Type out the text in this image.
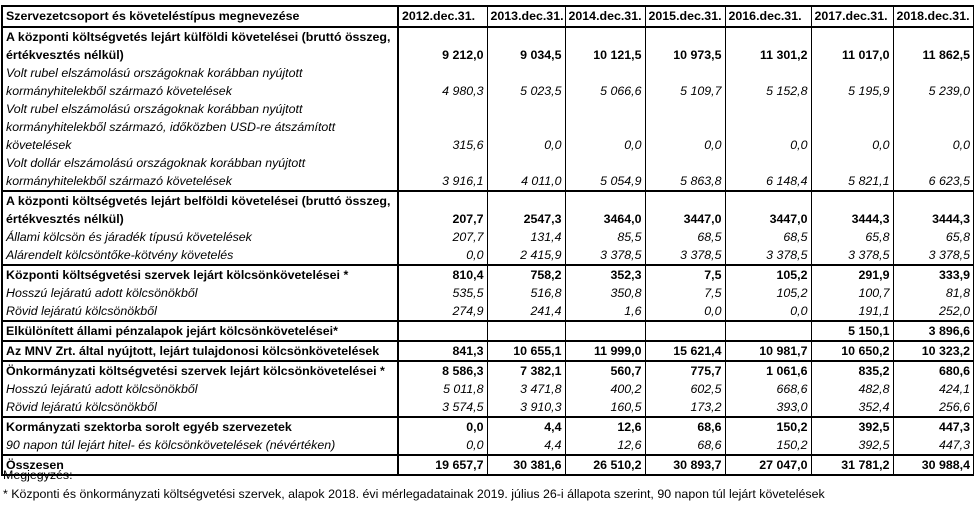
Szervezetcsoport és követeléstípus megnevezése	2012.dec.31.	2013.dec.31.	2014.dec.31.	2015.dec.31.	2016.dec.31.	2017.dec.31.	2018.dec.31.
A központi költségvetés lejárt külföldi követelései (bruttó összeg, értékvesztés nélkül)	9 212,0	9 034,5	10 121,5	10 973,5	11 301,2	11 017,0	11 862,5
Volt rubel elszámolású országoknak korábban nyújtott kormányhitelekből származó követelések	4 980,3	5 023,5	5 066,6	5 109,7	5 152,8	5 195,9	5 239,0
Volt rubel elszámolású országoknak korábban nyújtott kormányhitelekből származó, időközben USD-re átszámított követelések	315,6	0,0	0,0	0,0	0,0	0,0	0,0
Volt dollár elszámolású országoknak korábban nyújtott kormányhitelekből származó követelések	3 916,1	4 011,0	5 054,9	5 863,8	6 148,4	5 821,1	6 623,5
A központi költségvetés lejárt belföldi követelései (bruttó összeg, értékvesztés nélkül)	207,7	2547,3	3464,0	3447,0	3447,0	3444,3	3444,3
Állami kölcsön és járadék típusú követelések	207,7	131,4	85,5	68,5	68,5	65,8	65,8
Alárendelt kölcsöntőke-kötvény követelés	0,0	2 415,9	3 378,5	3 378,5	3 378,5	3 378,5	3 378,5
Központi költségvetési szervek lejárt kölcsönkövetelései *	810,4	758,2	352,3	7,5	105,2	291,9	333,9
Hosszú lejáratú adott kölcsönökből	535,5	516,8	350,8	7,5	105,2	100,7	81,8
Rövid lejáratú kölcsönökből	274,9	241,4	1,6	0,0	0,0	191,1	252,0
Elkülönített állami pénzalapok jejárt kölcsönkövetelései*						5 150,1	3 896,6
Az MNV Zrt. által nyújtott, lejárt tulajdonosi kölcsönkövetelések	841,3	10 655,1	11 999,0	15 621,4	10 981,7	10 650,2	10 323,2
Önkormányzati költségvetési szervek lejárt kölcsönkövetelései *	8 586,3	7 382,1	560,7	775,7	1 061,6	835,2	680,6
Hosszú lejáratú adott kölcsönökből	5 011,8	3 471,8	400,2	602,5	668,6	482,8	424,1
Rövid lejáratú kölcsönökből	3 574,5	3 910,3	160,5	173,2	393,0	352,4	256,6
Kormányzati szektorba sorolt egyéb szervezetek	0,0	4,4	12,6	68,6	150,2	392,5	447,3
90 napon túl lejárt hitel- és kölcsönkövetelések (névértéken)	0,0	4,4	12,6	68,6	150,2	392,5	447,3
Összesen	19 657,7	30 381,6	26 510,2	30 893,7	27 047,0	31 781,2	30 988,4
Megjegyzés:
* Központi és önkormányzati költségvetési szervek, alapok 2018. évi mérlegadatainak 2019. július 26-i állapota szerint, 90 napon túl lejárt követelések
